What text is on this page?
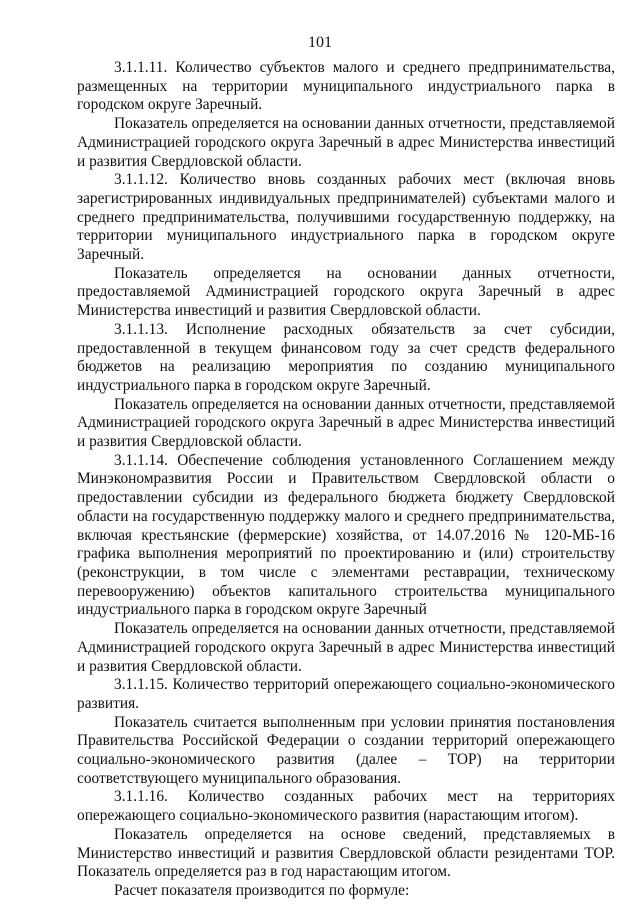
101

3.1.1.11. Количество субъектов малого и среднего предпринимательства, размещенных на территории муниципального индустриального парка в городском округе Заречный.

Показатель определяется на основании данных отчетности, представляемой Администрацией городского округа Заречный в адрес Министерства инвестиций и развития Свердловской области.

3.1.1.12. Количество вновь созданных рабочих мест (включая вновь зарегистрированных индивидуальных предпринимателей) субъектами малого и среднего предпринимательства, получившими государственную поддержку, на территории муниципального индустриального парка в городском округе Заречный.

Показатель определяется на основании данных отчетности, предоставляемой Администрацией городского округа Заречный в адрес Министерства инвестиций и развития Свердловской области.

3.1.1.13. Исполнение расходных обязательств за счет субсидии, предоставленной в текущем финансовом году за счет средств федерального бюджетов на реализацию мероприятия по созданию муниципального индустриального парка в городском округе Заречный.

Показатель определяется на основании данных отчетности, представляемой Администрацией городского округа Заречный в адрес Министерства инвестиций и развития Свердловской области.

3.1.1.14. Обеспечение соблюдения установленного Соглашением между Минэкономразвития России и Правительством Свердловской области о предоставлении субсидии из федерального бюджета бюджету Свердловской области на государственную поддержку малого и среднего предпринимательства, включая крестьянские (фермерские) хозяйства, от 14.07.2016 № 120-МБ-16 графика выполнения мероприятий по проектированию и (или) строительству (реконструкции, в том числе с элементами реставрации, техническому перевооружению) объектов капитального строительства муниципального индустриального парка в городском округе Заречный

Показатель определяется на основании данных отчетности, представляемой Администрацией городского округа Заречный в адрес Министерства инвестиций и развития Свердловской области.

3.1.1.15. Количество территорий опережающего социально-экономического развития.

Показатель считается выполненным при условии принятия постановления Правительства Российской Федерации о создании территорий опережающего социально-экономического развития (далее – ТОР) на территории соответствующего муниципального образования.

3.1.1.16. Количество созданных рабочих мест на территориях опережающего социально-экономического развития (нарастающим итогом).

Показатель определяется на основе сведений, представляемых в Министерство инвестиций и развития Свердловской области резидентами ТОР. Показатель определяется раз в год нарастающим итогом.

Расчет показателя производится по формуле:
